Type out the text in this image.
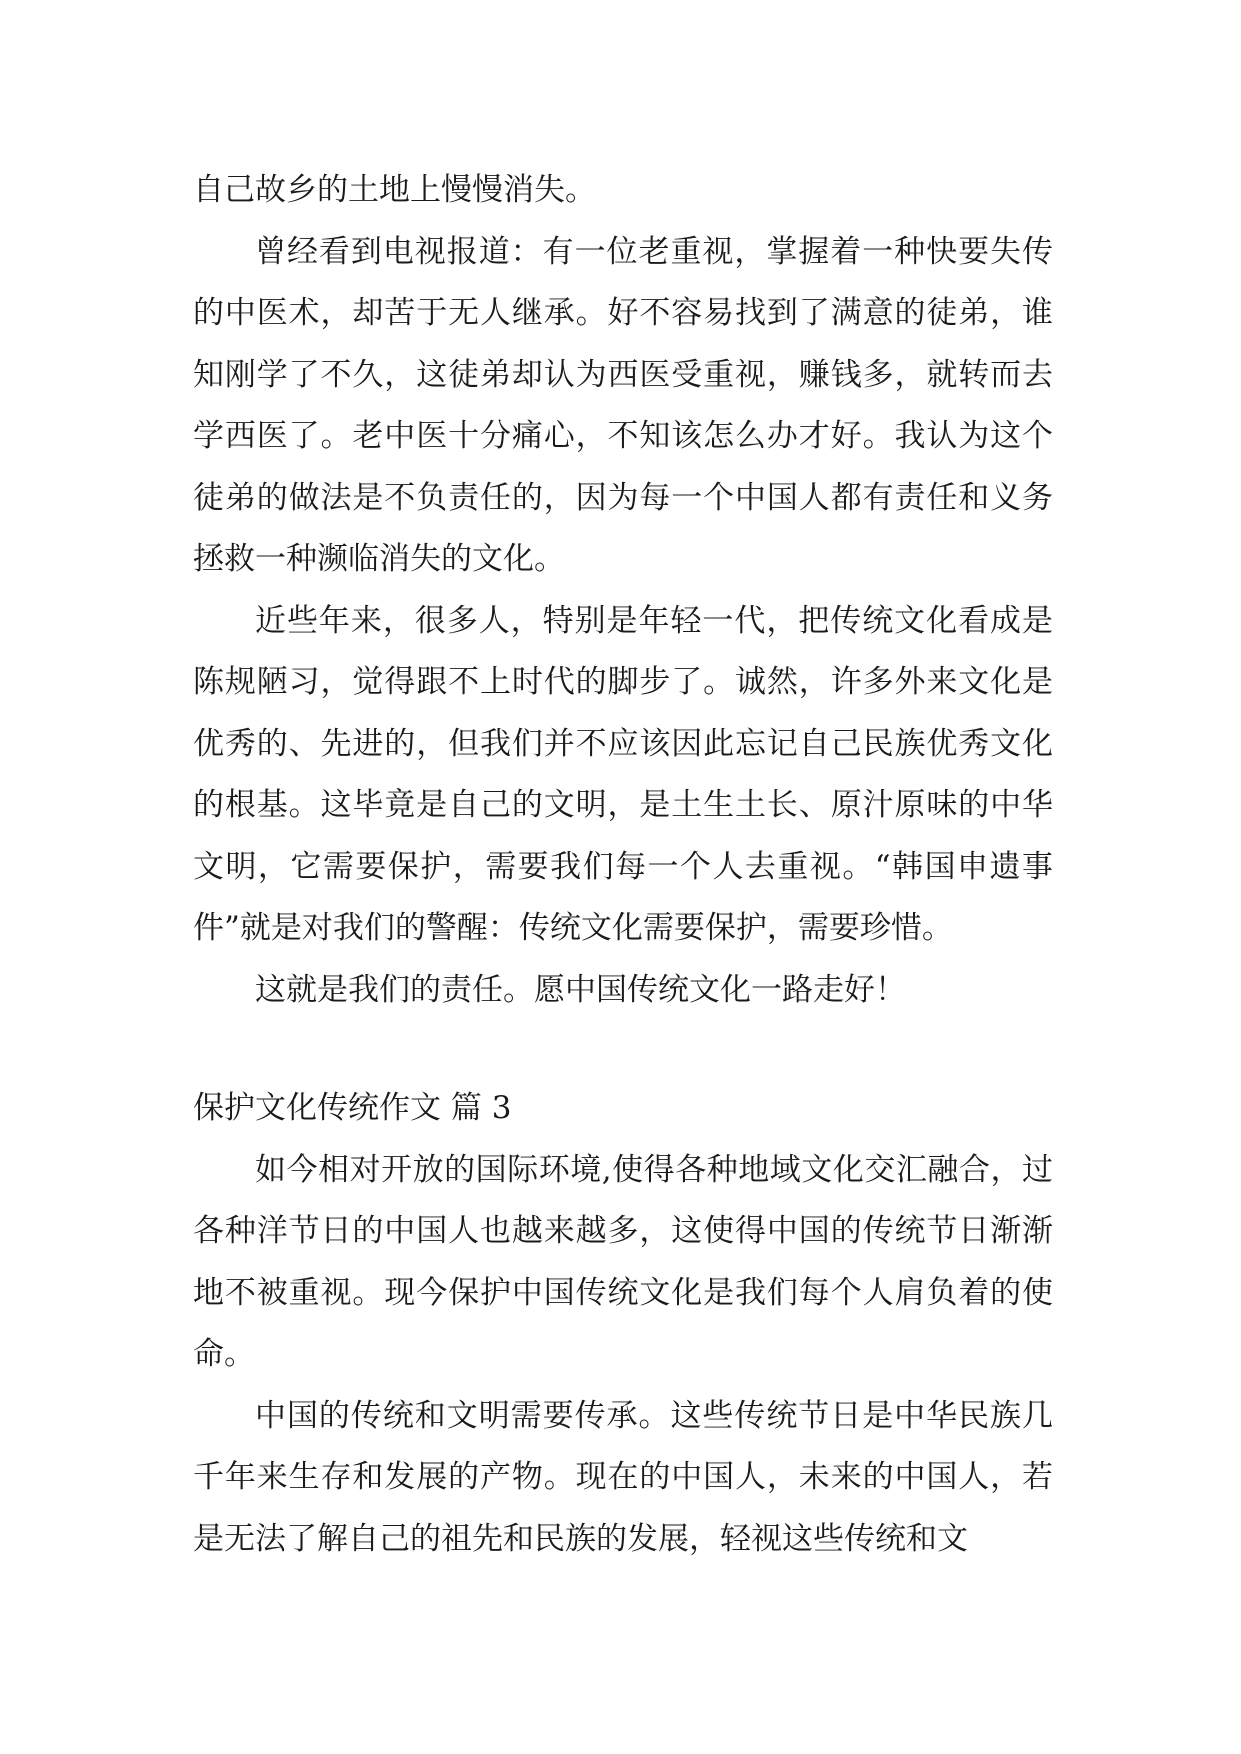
自己故乡的土地上慢慢消失。

曾经看到电视报道：有一位老重视，掌握着一种快要失传的中医术，却苦于无人继承。好不容易找到了满意的徒弟，谁知刚学了不久，这徒弟却认为西医受重视，赚钱多，就转而去学西医了。老中医十分痛心，不知该怎么办才好。我认为这个徒弟的做法是不负责任的，因为每一个中国人都有责任和义务拯救一种濒临消失的文化。

近些年来，很多人，特别是年轻一代，把传统文化看成是陈规陋习，觉得跟不上时代的脚步了。诚然，许多外来文化是优秀的、先进的，但我们并不应该因此忘记自己民族优秀文化的根基。这毕竟是自己的文明，是土生土长、原汁原味的中华文明，它需要保护，需要我们每一个人去重视。“韩国申遗事件”就是对我们的警醒：传统文化需要保护，需要珍惜。

这就是我们的责任。愿中国传统文化一路走好！

保护文化传统作文 篇 3

如今相对开放的国际环境,使得各种地域文化交汇融合，过各种洋节日的中国人也越来越多，这使得中国的传统节日渐渐地不被重视。现今保护中国传统文化是我们每个人肩负着的使命。

中国的传统和文明需要传承。这些传统节日是中华民族几千年来生存和发展的产物。现在的中国人，未来的中国人，若是无法了解自己的祖先和民族的发展，轻视这些传统和文
